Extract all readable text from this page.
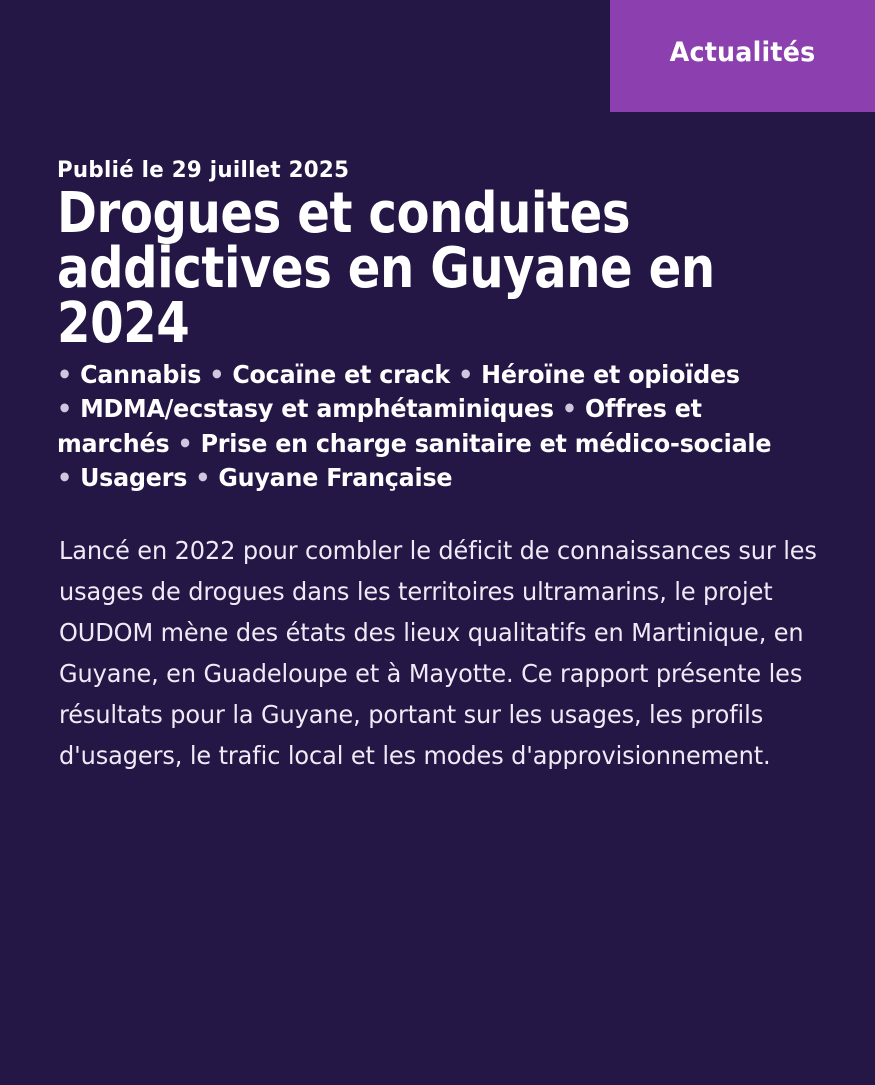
Actualités

Publié le 29 juillet 2025

Drogues et conduites addictives en Guyane en 2024

• Cannabis • Cocaïne et crack • Héroïne et opioïdes • MDMA/ecstasy et amphétaminiques • Offres et marchés • Prise en charge sanitaire et médico-sociale • Usagers • Guyane Française

Lancé en 2022 pour combler le déficit de connaissances sur les usages de drogues dans les territoires ultramarins, le projet OUDOM mène des états des lieux qualitatifs en Martinique, en Guyane, en Guadeloupe et à Mayotte. Ce rapport présente les résultats pour la Guyane, portant sur les usages, les profils d'usagers, le trafic local et les modes d'approvisionnement.
